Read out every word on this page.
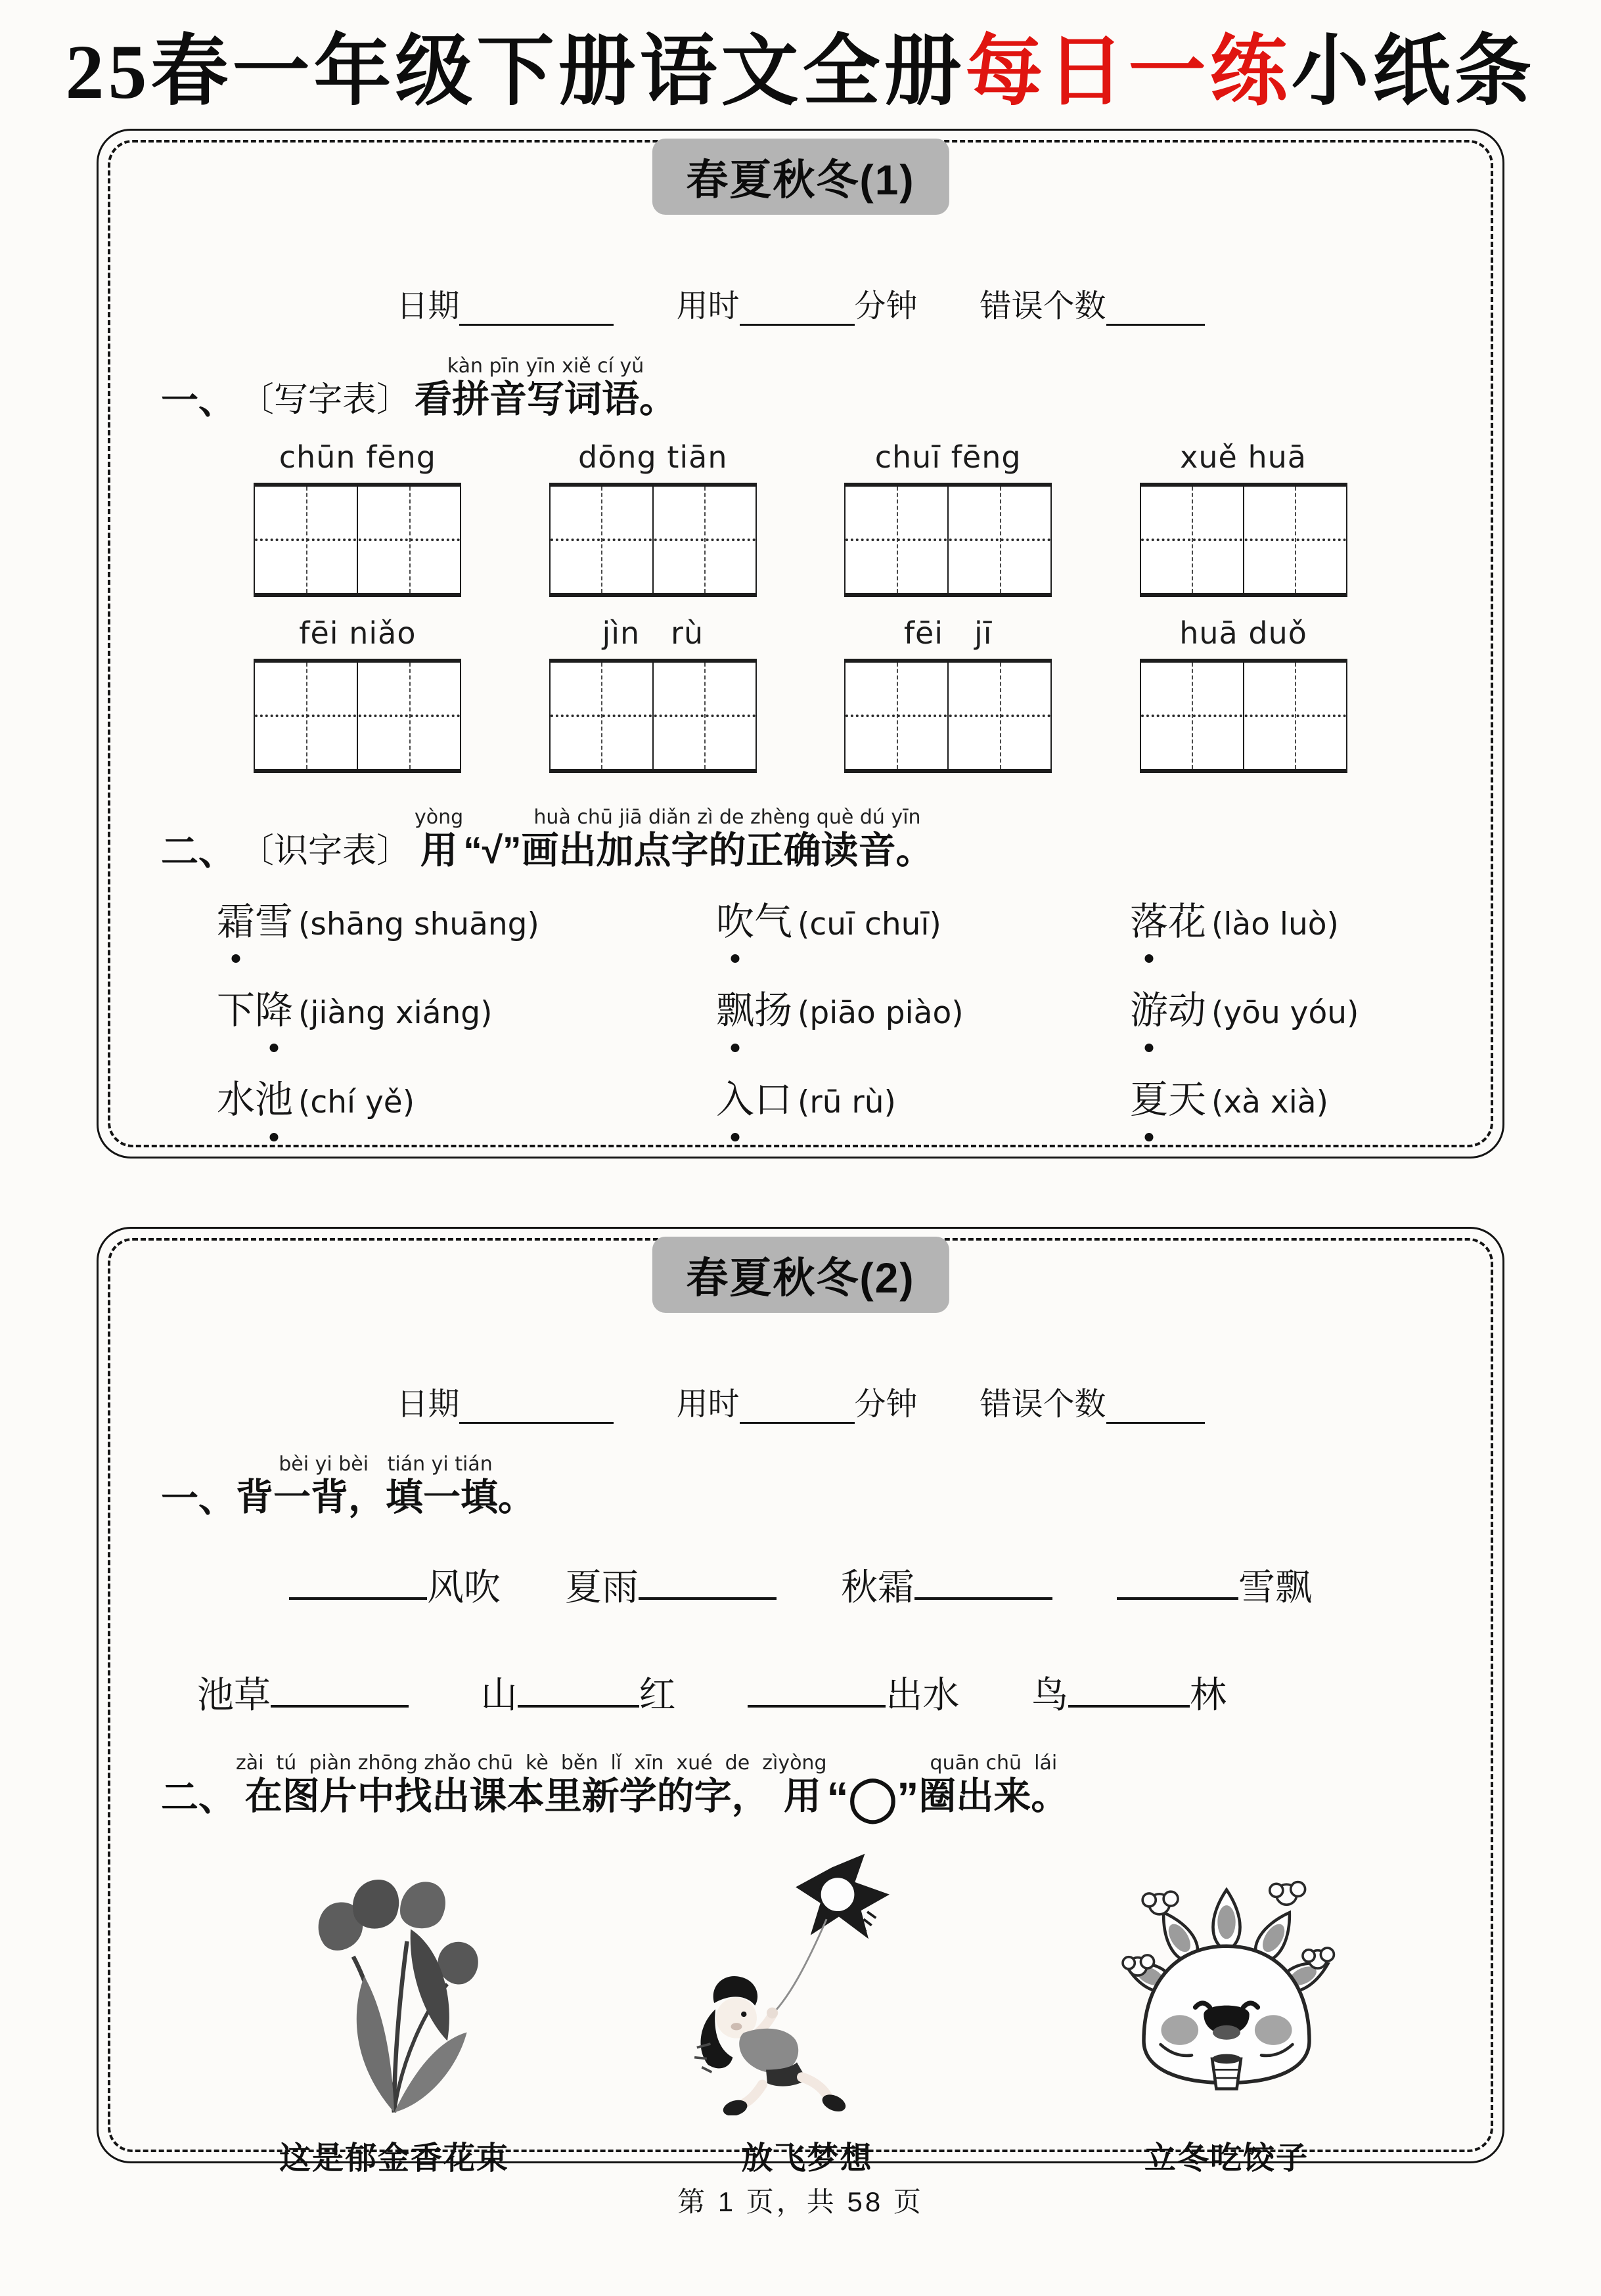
25春一年级下册语文全册每日一练小纸条
春夏秋冬(1)
日期	用时	分钟 错误个数
一、 〔写字表〕
kàn pīn yīn xiě cí yǔ
看拼音写词语。
chūn fēng	dōng tiān	chuī fēng	xuě huā
fēi niǎo	jìn   rù	fēi   jī	huā duǒ
二、 〔识字表〕
yòng
用 “√”
huà chū jiā diǎn zì de zhèng què dú yīn
画出加点字的正确读音。
霜雪 (shāng shuāng)	吹气 (cuī chuī)	落花 (lào luò)
下降 (jiàng xiáng)	飘扬 (piāo piào)	游动 (yōu yóu)
水池 (chí yě)	入口 (rū rù)	夏天 (xà xià)
春夏秋冬(2)
日期	用时	分钟 错误个数
一、
bèi yi bèi   tián yi tián
背一背，填一填。
风吹 夏雨	秋霜	雪飘
池草	山	红	出水 鸟	林
二、
zài  tú  piàn zhōng zhǎo chū  kè  běn  lǐ  xīn  xué  de  zì
在图片中找出课本里新学的字，
yòng
用 “◯”
quān chū  lái
圈出来。
这是郁金香花束	放飞梦想	立冬吃饺子
第 1 页，共 58 页
